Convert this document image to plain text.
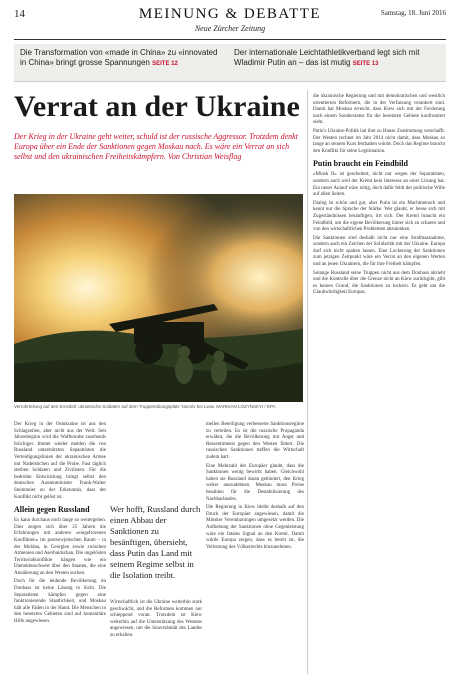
14	MEINUNG & DEBATTE
Neue Zürcher Zeitung
Samstag, 18. Juni 2016
Die Transformation von «made in China» zu «innovated in China» bringt grosse Spannungen SEITE 12
Der internationale Leichtathletikverband legt sich mit Wladimir Putin an – das ist mutig SEITE 13
Verrat an der Ukraine

Der Krieg in der Ukraine geht weiter, schuld ist der russische Aggressor. Trotzdem denkt Europa über ein Ende der Sanktionen gegen Moskau nach. Es wäre ein Verrat an sich selbst und den ukrainischen Freiheitskämpfern. Von Christian Weisflog

Verrohrteilung auf den Ernstfall: ukrainische Soldaten auf dem Truppenübungsplatz Yavoriv bei Lwiw. MARKIAN LOZYNSKYI / EPA

Der Krieg in der Ostukraine ist aus den Schlagzeilen, aber nicht aus der Welt. Seit Jahresbeginn wird die Waffenruhe zusehends brüchiger. Immer wieder melden die von Russland unterstützten Separatisten die Verteidigungslinien der ukrainischen Armee mit Nadelstichen auf die Probe. Fast täglich sterben Soldaten und Zivilisten. Für die bedrohte Entwicklung bringt selbst den deutschen Aussenminister Frank-Walter Steinmeier zu der Erkenntnis, dass der Konflikt nicht gelöst ist.

Allein gegen Russland

Es kann durchaus noch lange so weitergehen. Dies zeigen sich über 25 Jahren die Erfahrungen mit anderen «eingefrorenen Konflikten» im postsowjetischen Raum – in der Moldau, in Georgien sowie zwischen Armenien und Aserbaidschan. Die ungelösten Territorialkonflikte hängen wie ein Damoklesschwert über den Staaten, die eine Annäherung an den Westen suchen.

Doch für die leidende Bevölkerung im Donbass ist keine Lösung in Sicht. Die Separatisten kämpfen gegen eine funktionierende Staatlichkeit, und Moskau hält alle Fäden in der Hand. Die Menschen in den besetzten Gebieten sind auf humanitäre Hilfe angewiesen.

Wer hofft, Russland durch einen Abbau der Sanktionen zu besänftigen, übersieht, dass Putin das Land mit seinem Regime selbst in die Isolation treibt.

Wirtschaftlich ist die Ukraine weiterhin stark geschwächt, und die Reformen kommen nur schleppend voran. Trotzdem ist Kiew weiterhin auf die Unterstützung des Westens angewiesen, um die Souveränität des Landes zu erhalten.

mellen Beteiligung verbesserte Sanktionsregime zu verteilen. Es ist die russische Propaganda erwähnt, die die Bevölkerung mit Angst und Ressentiments gegen den Westen füttert. Die russischen Sanktionen treffen die Wirtschaft zudem hart.

Eine Mehrzahl der Europäer glaubt, dass die Sanktionen wenig bewirkt haben. Gleichwohl haben sie Russland daran gehindert, den Krieg weiter auszudehnen. Moskau muss Preise bezahlen für die Destabilisierung des Nachbarlandes.

Die Regierung in Kiew bleibt deshalb auf den Druck der Europäer angewiesen, damit die Minsker Vereinbarungen umgesetzt werden. Die Aufhebung der Sanktionen ohne Gegenleistung wäre ein fatales Signal an den Kreml. Damit würde Europa zeigen, dass es bereit ist, die Verletzung des Völkerrechts hinzunehmen.

die ukrainische Regierung und mit demokratischen und westlich orientierten Reformern, die in der Verfassung verankert sind. Damit hat Moskau erreicht, dass Kiew sich mit der Forderung nach einem Sonderstatus für die besetzten Gebiete konfrontiert sieht.

Putin's Ukraine-Politik hat ihm zu Hause Zustimmung verschafft. Der Westen rechnet im Jahr 2014 nicht damit, dass Moskau so lange an seinem Kurs festhalten würde. Doch das Regime braucht den Konflikt für seine Legitimation.

Putin braucht ein Feindbild

«Minsk II» ist gescheitert, nicht nur wegen der Separatisten, sondern auch weil der Kreml kein Interesse an einer Lösung hat. Ein neuer Anlauf wäre nötig, doch dafür fehlt der politische Wille auf allen Seiten.

Dialog ist schön und gut, aber Putin ist ein Machtmensch und kennt nur die Sprache der Stärke. Wer glaubt, er liesse sich mit Zugeständnissen besänftigen, irrt sich. Der Kreml braucht ein Feindbild, um die eigene Bevölkerung hinter sich zu scharen und von den wirtschaftlichen Problemen abzulenken.

Die Sanktionen sind deshalb nicht nur eine Strafmassnahme, sondern auch ein Zeichen der Solidarität mit der Ukraine. Europa darf sich nicht spalten lassen. Eine Lockerung der Sanktionen zum jetzigen Zeitpunkt wäre ein Verrat an den eigenen Werten und an jenen Ukrainern, die für ihre Freiheit kämpfen.

Solange Russland seine Truppen nicht aus dem Donbass abzieht und die Kontrolle über die Grenze nicht an Kiew zurückgibt, gibt es keinen Grund, die Sanktionen zu lockern. Es geht um die Glaubwürdigkeit Europas.
